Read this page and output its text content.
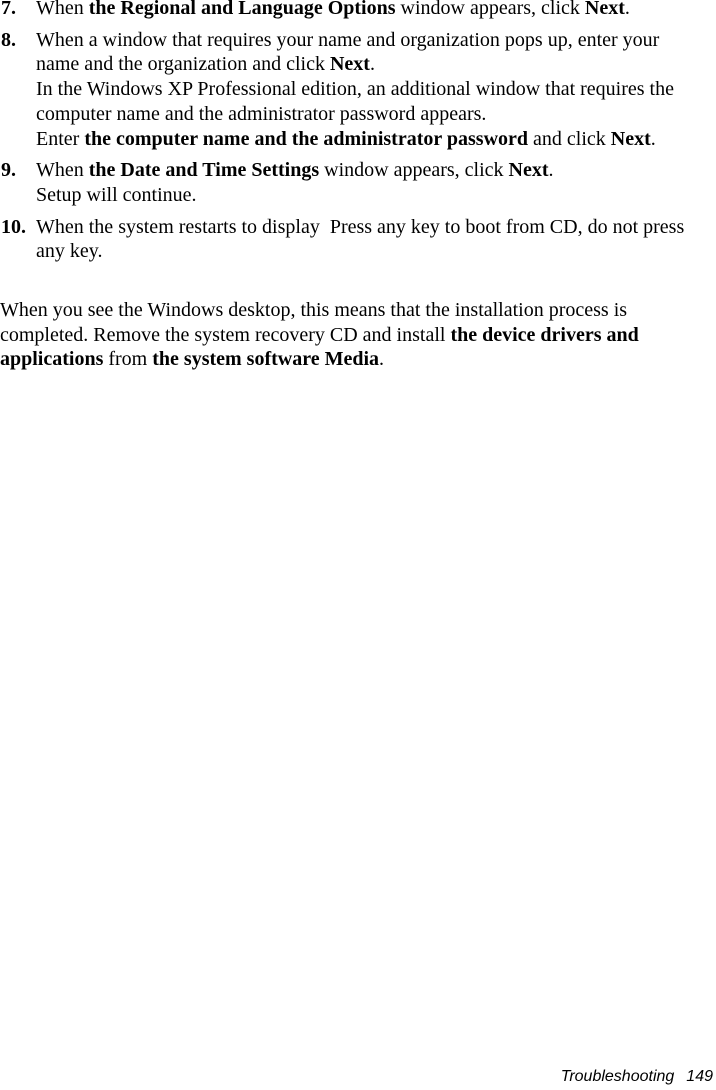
7.	When the Regional and Language Options window appears, click Next.
8.	When a window that requires your name and organization pops up, enter your
name and the organization and click Next.
In the Windows XP Professional edition, an additional window that requires the
computer name and the administrator password appears.
Enter the computer name and the administrator password and click Next.
9.	When the Date and Time Settings window appears, click Next.
Setup will continue.
10. When the system restarts to display  Press any key to boot from CD, do not press
any key.
When you see the Windows desktop, this means that the installation process is
completed. Remove the system recovery CD and install the device drivers and
applications from the system software Media.
Troubleshooting 149
